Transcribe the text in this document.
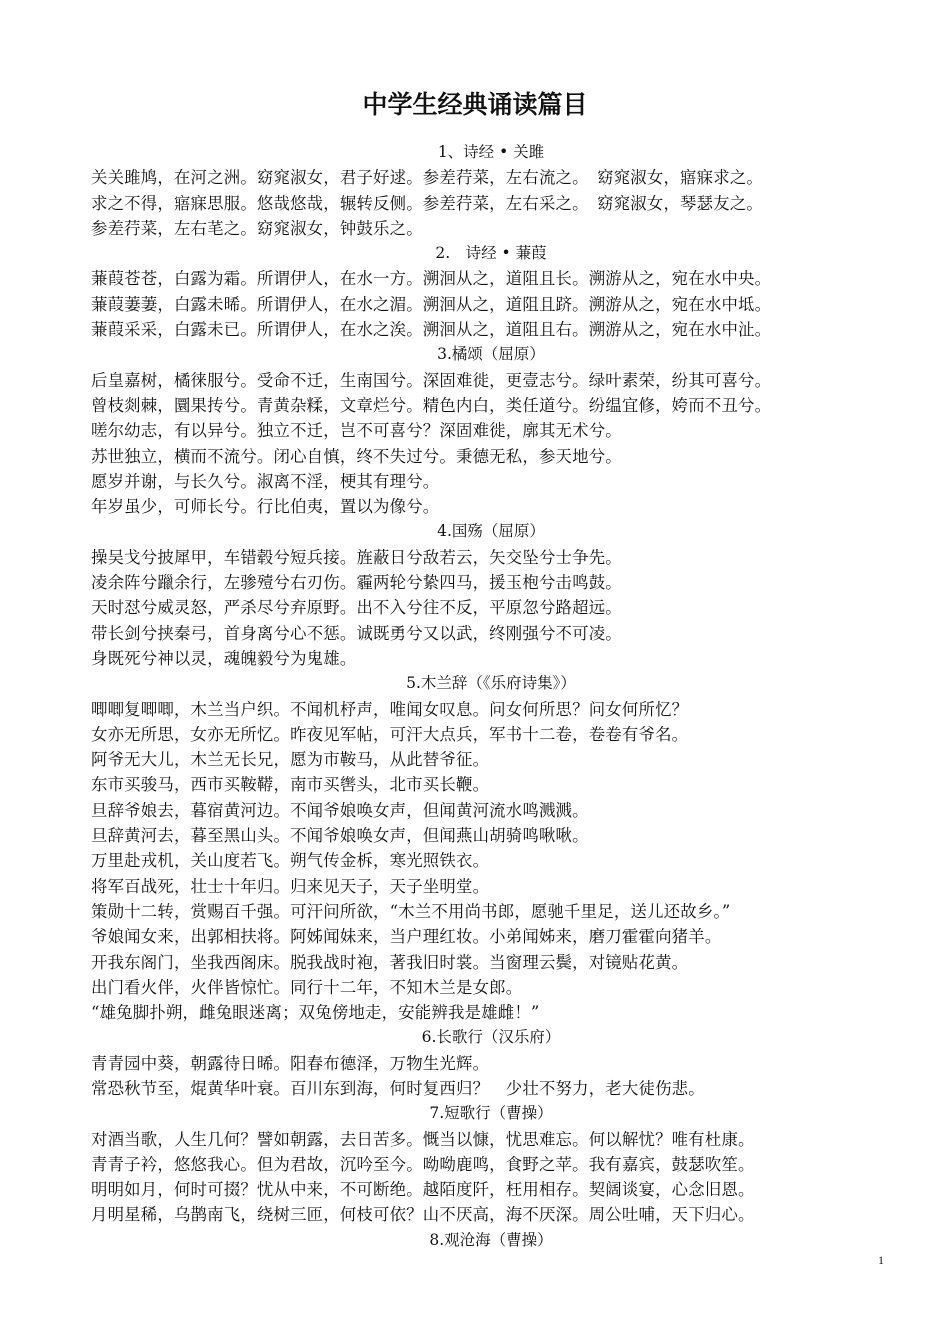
中学生经典诵读篇目
1、诗经 • 关雎
关关雎鸠，在河之洲。窈窕淑女，君子好逑。参差荇菜，左右流之。　窈窕淑女，寤寐求之。
求之不得，寤寐思服。悠哉悠哉，辗转反侧。参差荇菜，左右采之。　窈窕淑女，琴瑟友之。
参差荇菜，左右芼之。窈窕淑女，钟鼓乐之。
2.　诗经 • 蒹葭
蒹葭苍苍，白露为霜。所谓伊人，在水一方。溯洄从之，道阻且长。溯游从之，宛在水中央。
蒹葭萋萋，白露未晞。所谓伊人，在水之湄。溯洄从之，道阻且跻。溯游从之，宛在水中坻。
蒹葭采采，白露未已。所谓伊人，在水之涘。溯洄从之，道阻且右。溯游从之，宛在水中沚。
3.橘颂（屈原）
后皇嘉树，橘徕服兮。受命不迁，生南国兮。深固难徙，更壹志兮。绿叶素荣，纷其可喜兮。
曾枝剡棘，圜果抟兮。青黄杂糅，文章烂兮。精色内白，类任道兮。纷缊宜修，姱而不丑兮。
嗟尔幼志，有以异兮。独立不迁，岂不可喜兮？深固难徙，廓其无术兮。
苏世独立，横而不流兮。闭心自慎，终不失过兮。秉德无私，参天地兮。
愿岁并谢，与长久兮。淑离不淫，梗其有理兮。
年岁虽少，可师长兮。行比伯夷，置以为像兮。
4.国殇（屈原）
操吴戈兮披犀甲，车错毂兮短兵接。旌蔽日兮敌若云，矢交坠兮士争先。
凌余阵兮躐余行，左骖殪兮右刃伤。霾两轮兮絷四马，援玉枹兮击鸣鼓。
天时怼兮威灵怒，严杀尽兮弃原野。出不入兮往不反，平原忽兮路超远。
带长剑兮挟秦弓，首身离兮心不惩。诚既勇兮又以武，终刚强兮不可凌。
身既死兮神以灵，魂魄毅兮为鬼雄。
5.木兰辞（《乐府诗集》）
唧唧复唧唧，木兰当户织。不闻机杼声，唯闻女叹息。问女何所思？问女何所忆？
女亦无所思，女亦无所忆。昨夜见军帖，可汗大点兵，军书十二卷，卷卷有爷名。
阿爷无大儿，木兰无长兄，愿为市鞍马，从此替爷征。
东市买骏马，西市买鞍鞯，南市买辔头，北市买长鞭。
旦辞爷娘去，暮宿黄河边。不闻爷娘唤女声，但闻黄河流水鸣溅溅。
旦辞黄河去，暮至黑山头。不闻爷娘唤女声，但闻燕山胡骑鸣啾啾。
万里赴戎机，关山度若飞。朔气传金柝，寒光照铁衣。
将军百战死，壮士十年归。归来见天子，天子坐明堂。
策勋十二转，赏赐百千强。可汗问所欲，“木兰不用尚书郎，愿驰千里足，送儿还故乡。”
爷娘闻女来，出郭相扶将。阿姊闻妹来，当户理红妆。小弟闻姊来，磨刀霍霍向猪羊。
开我东阁门，坐我西阁床。脱我战时袍，著我旧时裳。当窗理云鬓，对镜贴花黄。
出门看火伴，火伴皆惊忙。同行十二年，不知木兰是女郎。
“雄兔脚扑朔，雌兔眼迷离；双兔傍地走，安能辨我是雄雌！”
6.长歌行（汉乐府）
青青园中葵，朝露待日晞。阳春布德泽，万物生光辉。
常恐秋节至，焜黄华叶衰。百川东到海，何时复西归？　少壮不努力，老大徒伤悲。
7.短歌行（曹操）
对酒当歌，人生几何？譬如朝露，去日苦多。慨当以慷，忧思难忘。何以解忧？唯有杜康。
青青子衿，悠悠我心。但为君故，沉吟至今。呦呦鹿鸣，食野之苹。我有嘉宾，鼓瑟吹笙。
明明如月，何时可掇？忧从中来，不可断绝。越陌度阡，枉用相存。契阔谈宴，心念旧恩。
月明星稀，乌鹊南飞，绕树三匝，何枝可依？山不厌高，海不厌深。周公吐哺，天下归心。
8.观沧海（曹操）
1
